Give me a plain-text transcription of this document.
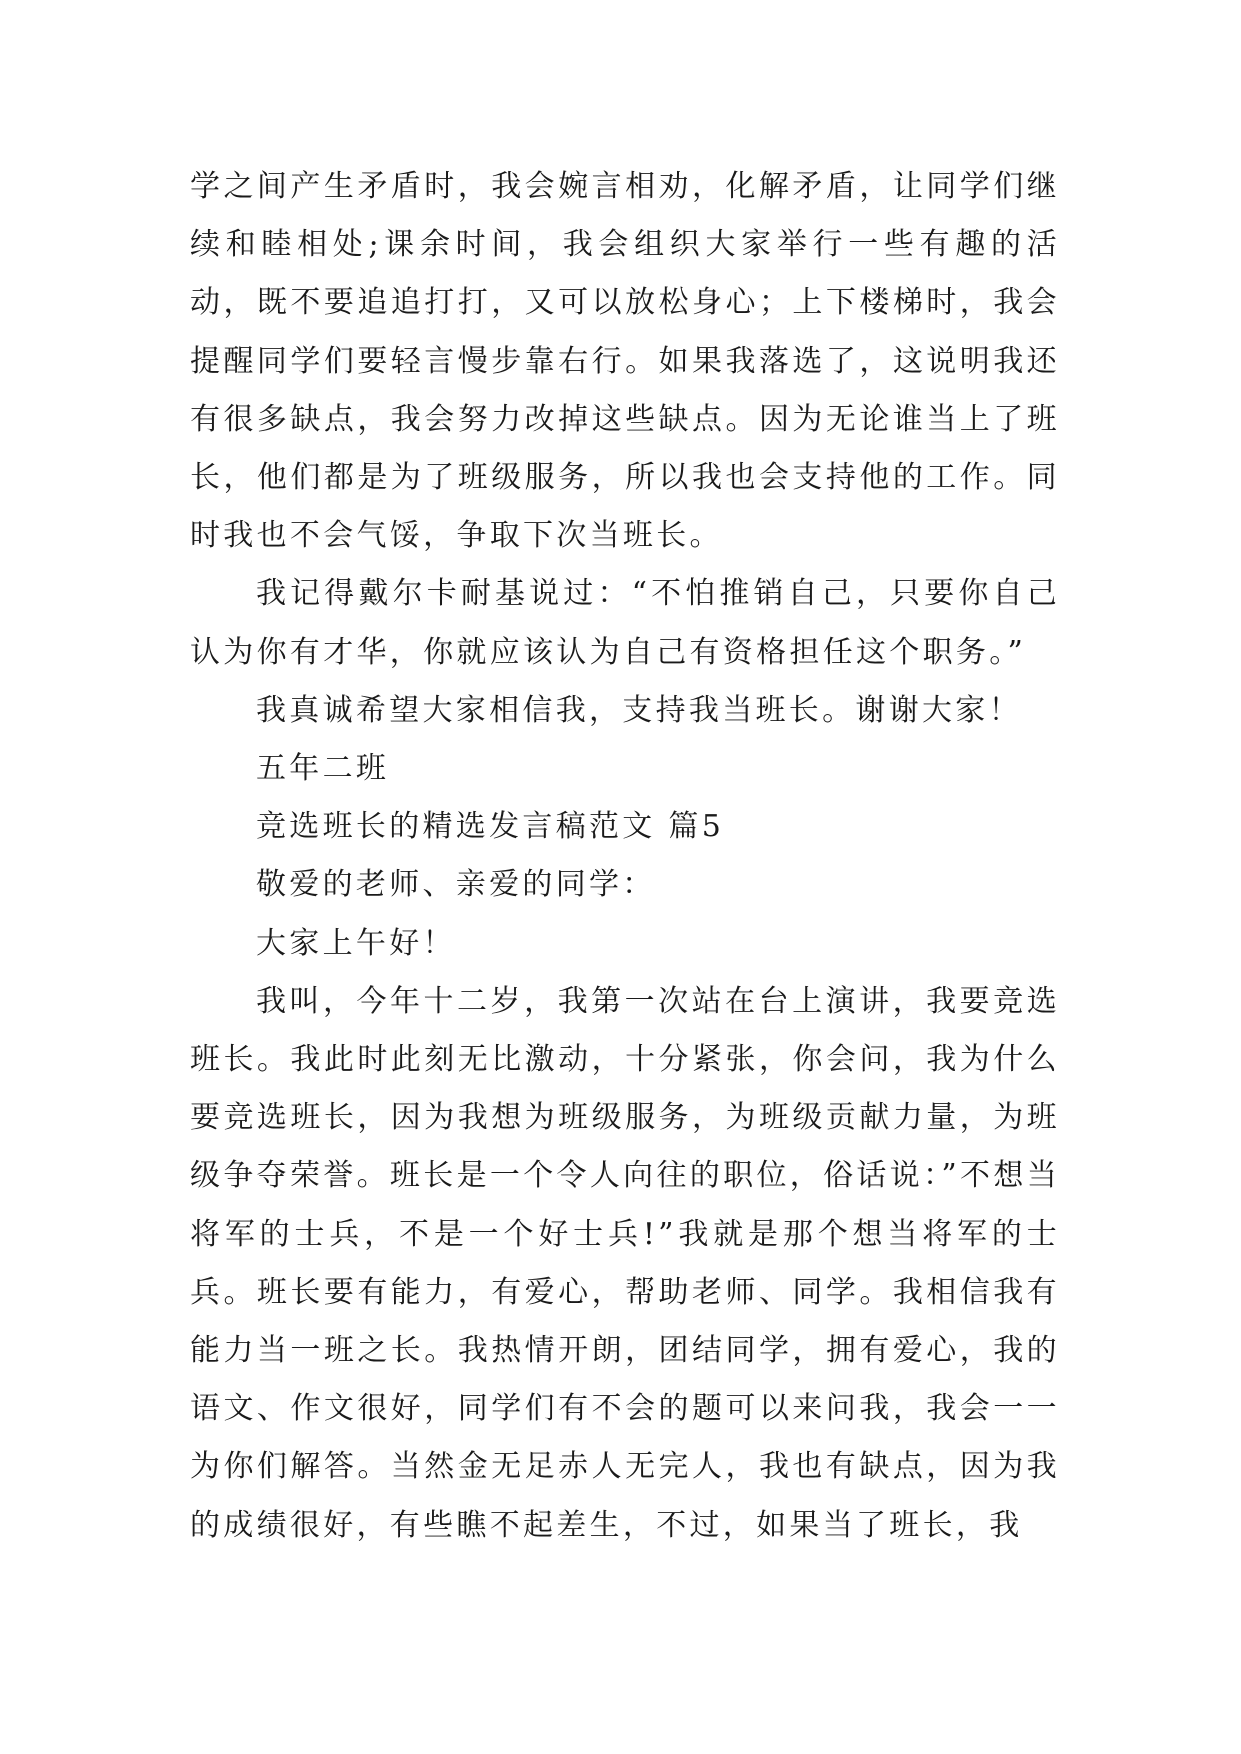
学之间产生矛盾时，我会婉言相劝，化解矛盾，让同学们继续和睦相处;课余时间，我会组织大家举行一些有趣的活动，既不要追追打打，又可以放松身心；上下楼梯时，我会提醒同学们要轻言慢步靠右行。如果我落选了，这说明我还有很多缺点，我会努力改掉这些缺点。因为无论谁当上了班长，他们都是为了班级服务，所以我也会支持他的工作。同时我也不会气馁，争取下次当班长。

我记得戴尔卡耐基说过：“不怕推销自己，只要你自己认为你有才华，你就应该认为自己有资格担任这个职务。”

我真诚希望大家相信我，支持我当班长。谢谢大家！

五年二班

竞选班长的精选发言稿范文 篇5

敬爱的老师、亲爱的同学：

大家上午好！

我叫，今年十二岁，我第一次站在台上演讲，我要竞选班长。我此时此刻无比激动，十分紧张，你会问，我为什么要竞选班长，因为我想为班级服务，为班级贡献力量，为班级争夺荣誉。班长是一个令人向往的职位，俗话说：”不想当将军的士兵，不是一个好士兵!”我就是那个想当将军的士兵。班长要有能力，有爱心，帮助老师、同学。我相信我有能力当一班之长。我热情开朗，团结同学，拥有爱心，我的语文、作文很好，同学们有不会的题可以来问我，我会一一为你们解答。当然金无足赤人无完人，我也有缺点，因为我的成绩很好，有些瞧不起差生，不过，如果当了班长，我
